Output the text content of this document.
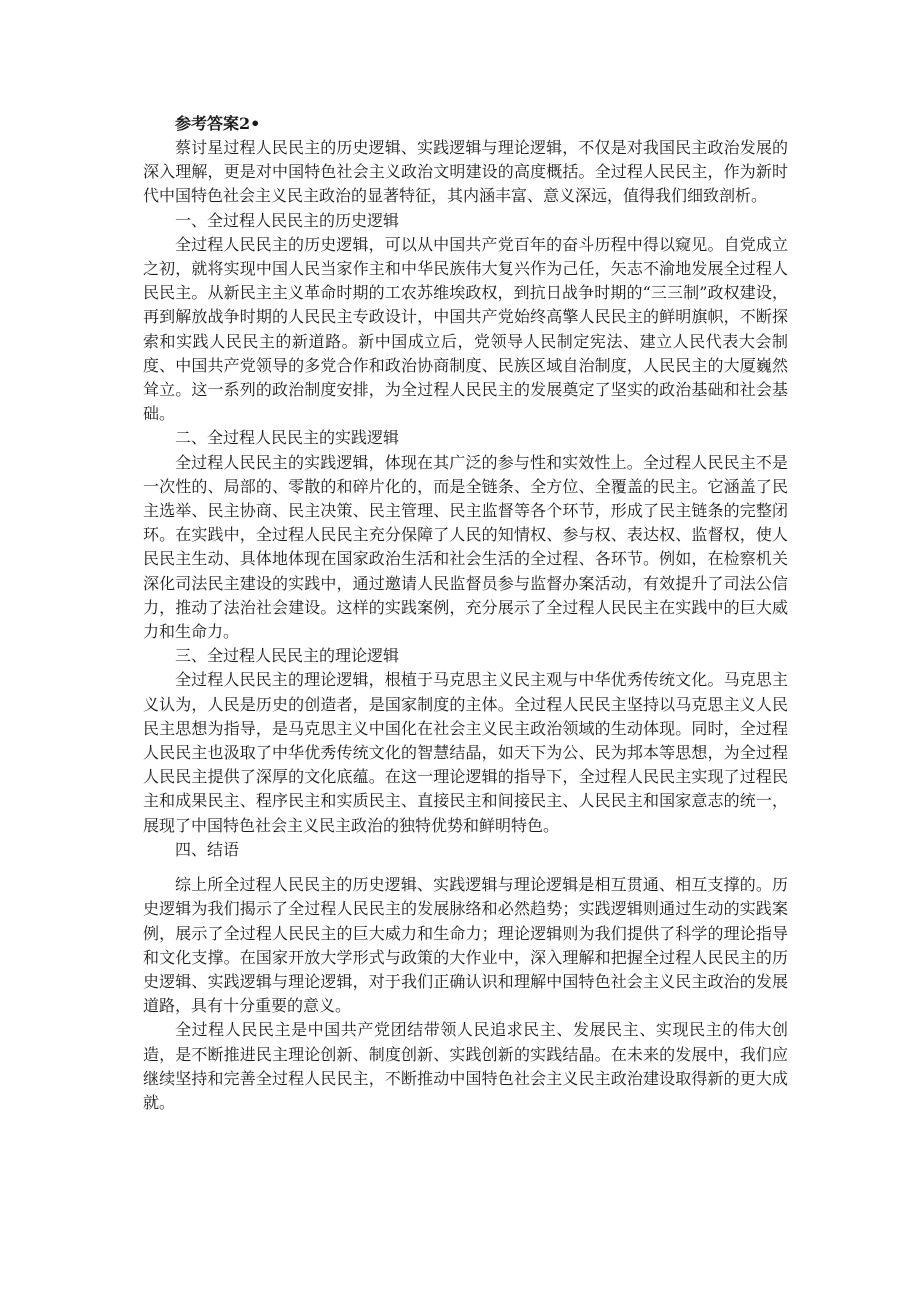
参考答案2•

蔡讨星过程人民民主的历史逻辑、实践逻辑与理论逻辑，不仅是对我国民主政治发展的深入理解，更是对中国特色社会主义政治文明建设的高度概括。全过程人民民主，作为新时代中国特色社会主义民主政治的显著特征，其内涵丰富、意义深远，值得我们细致剖析。

一、全过程人民民主的历史逻辑

全过程人民民主的历史逻辑，可以从中国共产党百年的奋斗历程中得以窥见。自党成立之初，就将实现中国人民当家作主和中华民族伟大复兴作为己任，矢志不渝地发展全过程人民民主。从新民主主义革命时期的工农苏维埃政权，到抗日战争时期的“三三制”政权建设，再到解放战争时期的人民民主专政设计，中国共产党始终高擎人民民主的鲜明旗帜，不断探索和实践人民民主的新道路。新中国成立后，党领导人民制定宪法、建立人民代表大会制度、中国共产党领导的多党合作和政治协商制度、民族区域自治制度，人民民主的大厦巍然耸立。这一系列的政治制度安排，为全过程人民民主的发展奠定了坚实的政治基础和社会基础。

二、全过程人民民主的实践逻辑

全过程人民民主的实践逻辑，体现在其广泛的参与性和实效性上。全过程人民民主不是一次性的、局部的、零散的和碎片化的，而是全链条、全方位、全覆盖的民主。它涵盖了民主选举、民主协商、民主决策、民主管理、民主监督等各个环节，形成了民主链条的完整闭环。在实践中，全过程人民民主充分保障了人民的知情权、参与权、表达权、监督权，使人民民主生动、具体地体现在国家政治生活和社会生活的全过程、各环节。例如，在检察机关深化司法民主建设的实践中，通过邀请人民监督员参与监督办案活动，有效提升了司法公信力，推动了法治社会建设。这样的实践案例，充分展示了全过程人民民主在实践中的巨大威力和生命力。

三、全过程人民民主的理论逻辑

全过程人民民主的理论逻辑，根植于马克思主义民主观与中华优秀传统文化。马克思主义认为，人民是历史的创造者，是国家制度的主体。全过程人民民主坚持以马克思主义人民民主思想为指导，是马克思主义中国化在社会主义民主政治领域的生动体现。同时，全过程人民民主也汲取了中华优秀传统文化的智慧结晶，如天下为公、民为邦本等思想，为全过程人民民主提供了深厚的文化底蕴。在这一理论逻辑的指导下，全过程人民民主实现了过程民主和成果民主、程序民主和实质民主、直接民主和间接民主、人民民主和国家意志的统一，展现了中国特色社会主义民主政治的独特优势和鲜明特色。

四、结语

综上所全过程人民民主的历史逻辑、实践逻辑与理论逻辑是相互贯通、相互支撑的。历史逻辑为我们揭示了全过程人民民主的发展脉络和必然趋势；实践逻辑则通过生动的实践案例，展示了全过程人民民主的巨大威力和生命力；理论逻辑则为我们提供了科学的理论指导和文化支撑。在国家开放大学形式与政策的大作业中，深入理解和把握全过程人民民主的历史逻辑、实践逻辑与理论逻辑，对于我们正确认识和理解中国特色社会主义民主政治的发展道路，具有十分重要的意义。

全过程人民民主是中国共产党团结带领人民追求民主、发展民主、实现民主的伟大创造，是不断推进民主理论创新、制度创新、实践创新的实践结晶。在未来的发展中，我们应继续坚持和完善全过程人民民主，不断推动中国特色社会主义民主政治建设取得新的更大成就。
